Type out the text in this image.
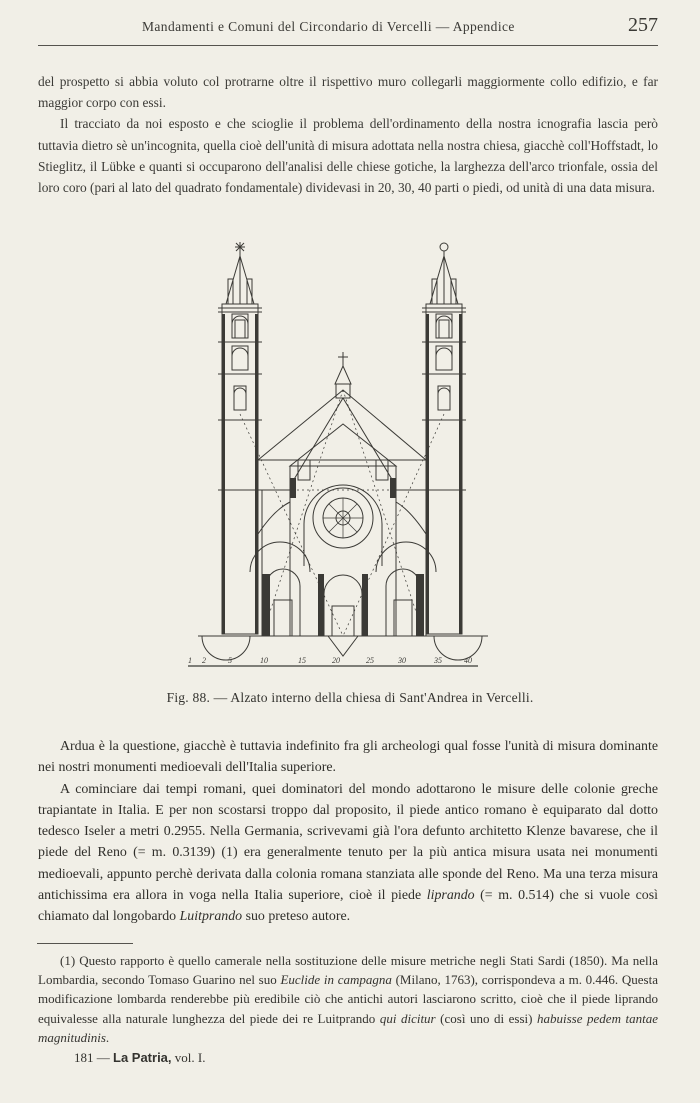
Mandamenti e Comuni del Circondario di Vercelli — Appendice	257

del prospetto si abbia voluto col protrarne oltre il rispettivo muro collegarli maggiormente collo edifizio, e far maggior corpo con essi.

Il tracciato da noi esposto e che scioglie il problema dell'ordinamento della nostra icnografia lascia però tuttavia dietro sè un'incognita, quella cioè dell'unità di misura adottata nella nostra chiesa, giacchè coll'Hoffstadt, lo Stieglitz, il Lübke e quanti si occuparono dell'analisi delle chiese gotiche, la larghezza dell'arco trionfale, ossia del loro coro (pari al lato del quadrato fondamentale) dividevasi in 20, 30, 40 parti o piedi, od unità di una data misura.

1 2	5	10	15	20	25	30	35	40
Fig. 88. — Alzato interno della chiesa di Sant'Andrea in Vercelli.

Ardua è la questione, giacchè è tuttavia indefinito fra gli archeologi qual fosse l'unità di misura dominante nei nostri monumenti medioevali dell'Italia superiore.

A cominciare dai tempi romani, quei dominatori del mondo adottarono le misure delle colonie greche trapiantate in Italia. E per non scostarsi troppo dal proposito, il piede antico romano è equiparato dal dotto tedesco Iseler a metri 0.2955. Nella Germania, scrivevami già l'ora defunto architetto Klenze bavarese, che il piede del Reno (= m. 0.3139) (1) era generalmente tenuto per la più antica misura usata nei monumenti medioevali, appunto perchè derivata dalla colonia romana stanziata alle sponde del Reno. Ma una terza misura antichissima era allora in voga nella Italia superiore, cioè il piede liprando (= m. 0.514) che si vuole così chiamato dal longobardo Luitprando suo preteso autore.

(1) Questo rapporto è quello camerale nella sostituzione delle misure metriche negli Stati Sardi (1850). Ma nella Lombardia, secondo Tomaso Guarino nel suo Euclide in campagna (Milano, 1763), corrispondeva a m. 0.446. Questa modificazione lombarda renderebbe più eredibile ciò che antichi autori lasciarono scritto, cioè che il piede liprando equivalesse alla naturale lunghezza del piede dei re Luitprando qui dicitur (così uno di essi) habuisse pedem tantae magnitudinis.

181 — La Patria, vol. I.
